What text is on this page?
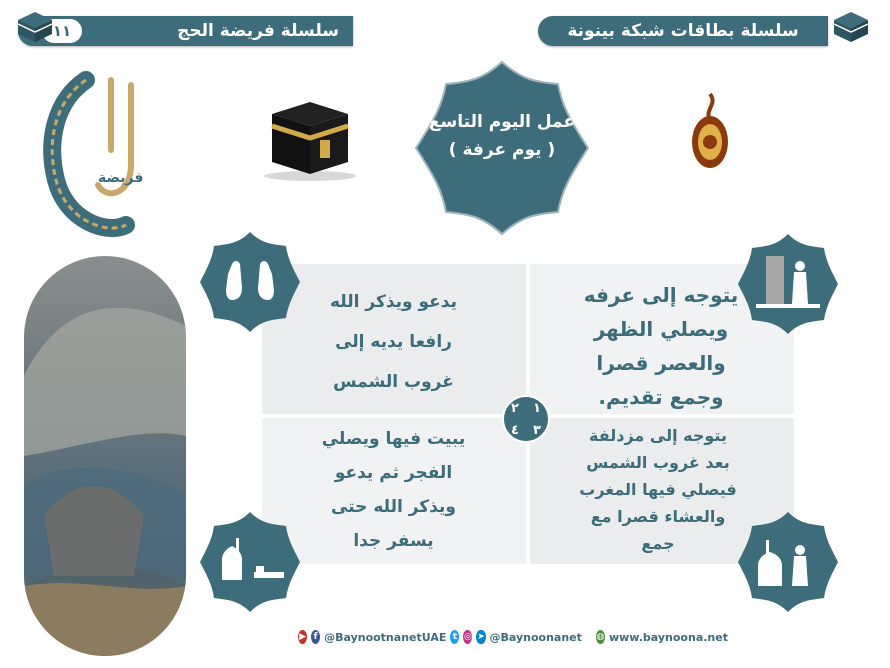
سلسلة فريضة الحج
١١	سلسلة بطاقات شبكة بينونة
فريضة
عمل اليوم التاسع
( يوم عرفة )
يتوجه إلى عرفه
ويصلي الظهر
والعصر قصرا
وجمع تقديم.
يدعو ويذكر الله
رافعا يديه إلى
غروب الشمس
يتوجه إلى مزدلفة
بعد غروب الشمس
فيصلي فيها المغرب
والعشاء قصرا مع
جمع
يبيت فيها ويصلي
الفجر ثم يدعو
ويذكر الله حتى
يسفر جدا
١
٢
٣
٤
▶ f @BaynootnanetUAE t ◎ ➤ @Baynoonanet ◍ www.baynoona.net
